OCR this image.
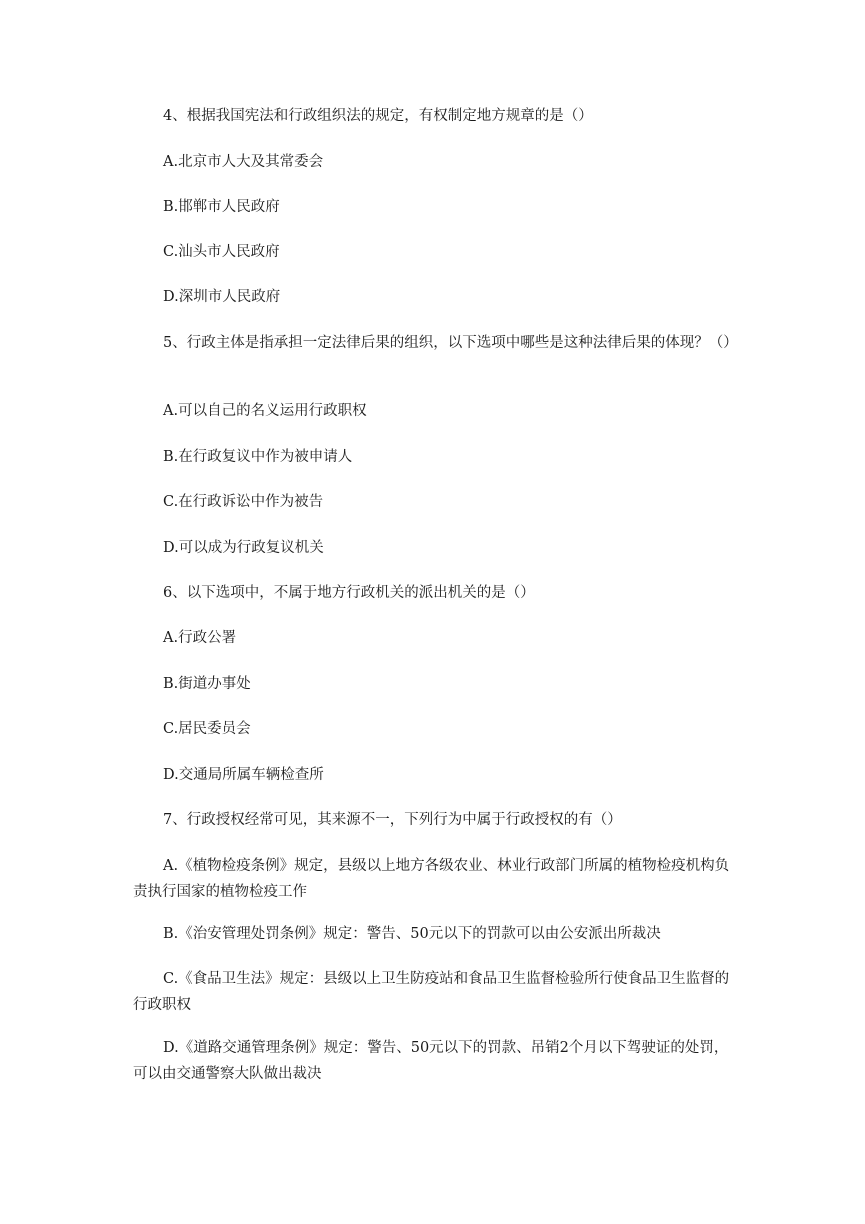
4、根据我国宪法和行政组织法的规定，有权制定地方规章的是（）

A.北京市人大及其常委会

B.邯郸市人民政府

C.汕头市人民政府

D.深圳市人民政府

5、行政主体是指承担一定法律后果的组织，以下选项中哪些是这种法律后果的体现？（）

A.可以自己的名义运用行政职权

B.在行政复议中作为被申请人

C.在行政诉讼中作为被告

D.可以成为行政复议机关

6、以下选项中，不属于地方行政机关的派出机关的是（）

A.行政公署

B.街道办事处

C.居民委员会

D.交通局所属车辆检查所

7、行政授权经常可见，其来源不一，下列行为中属于行政授权的有（）

A.《植物检疫条例》规定，县级以上地方各级农业、林业行政部门所属的植物检疫机构负责执行国家的植物检疫工作

B.《治安管理处罚条例》规定：警告、50元以下的罚款可以由公安派出所裁决

C.《食品卫生法》规定：县级以上卫生防疫站和食品卫生监督检验所行使食品卫生监督的行政职权

D.《道路交通管理条例》规定：警告、50元以下的罚款、吊销2个月以下驾驶证的处罚，可以由交通警察大队做出裁决
